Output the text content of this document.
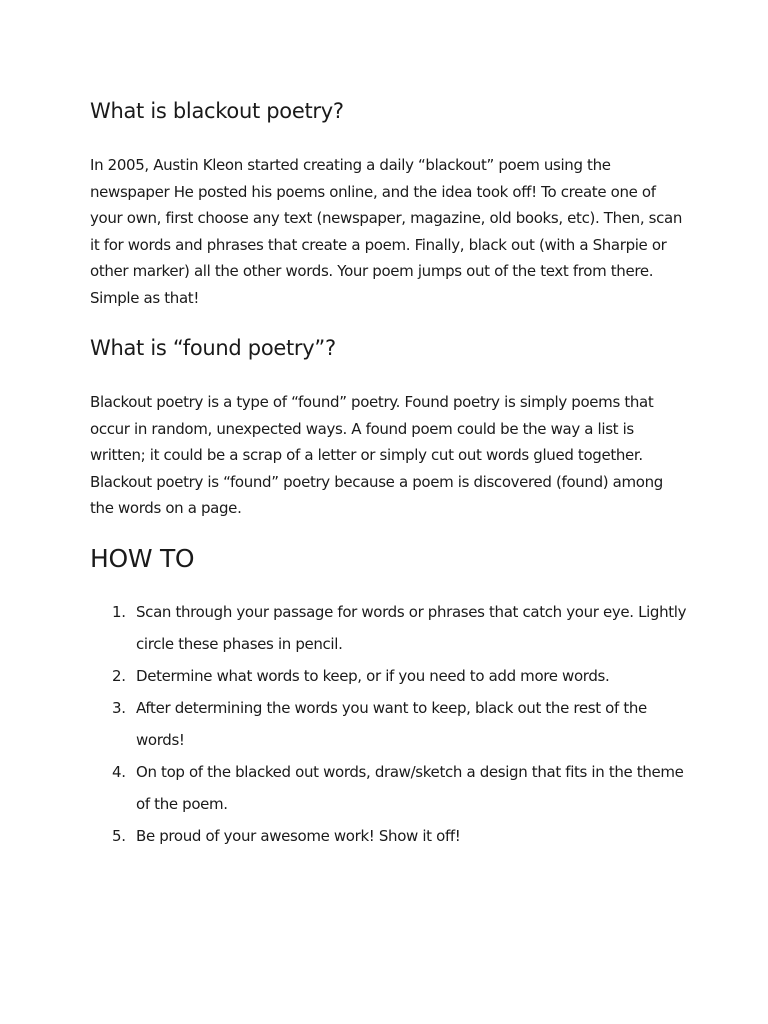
What is blackout poetry?

In 2005, Austin Kleon started creating a daily “blackout” poem using the newspaper He posted his poems online, and the idea took off! To create one of your own, first choose any text (newspaper, magazine, old books, etc). Then, scan it for words and phrases that create a poem. Finally, black out (with a Sharpie or other marker) all the other words. Your poem jumps out of the text from there. Simple as that!

What is “found poetry”?

Blackout poetry is a type of “found” poetry. Found poetry is simply poems that occur in random, unexpected ways. A found poem could be the way a list is written; it could be a scrap of a letter or simply cut out words glued together. Blackout poetry is “found” poetry because a poem is discovered (found) among the words on a page.

HOW TO
1. Scan through your passage for words or phrases that catch your eye. Lightly circle these phases in pencil.
2. Determine what words to keep, or if you need to add more words.
3. After determining the words you want to keep, black out the rest of the words!
4. On top of the blacked out words, draw/sketch a design that fits in the theme of the poem.
5. Be proud of your awesome work! Show it off!
